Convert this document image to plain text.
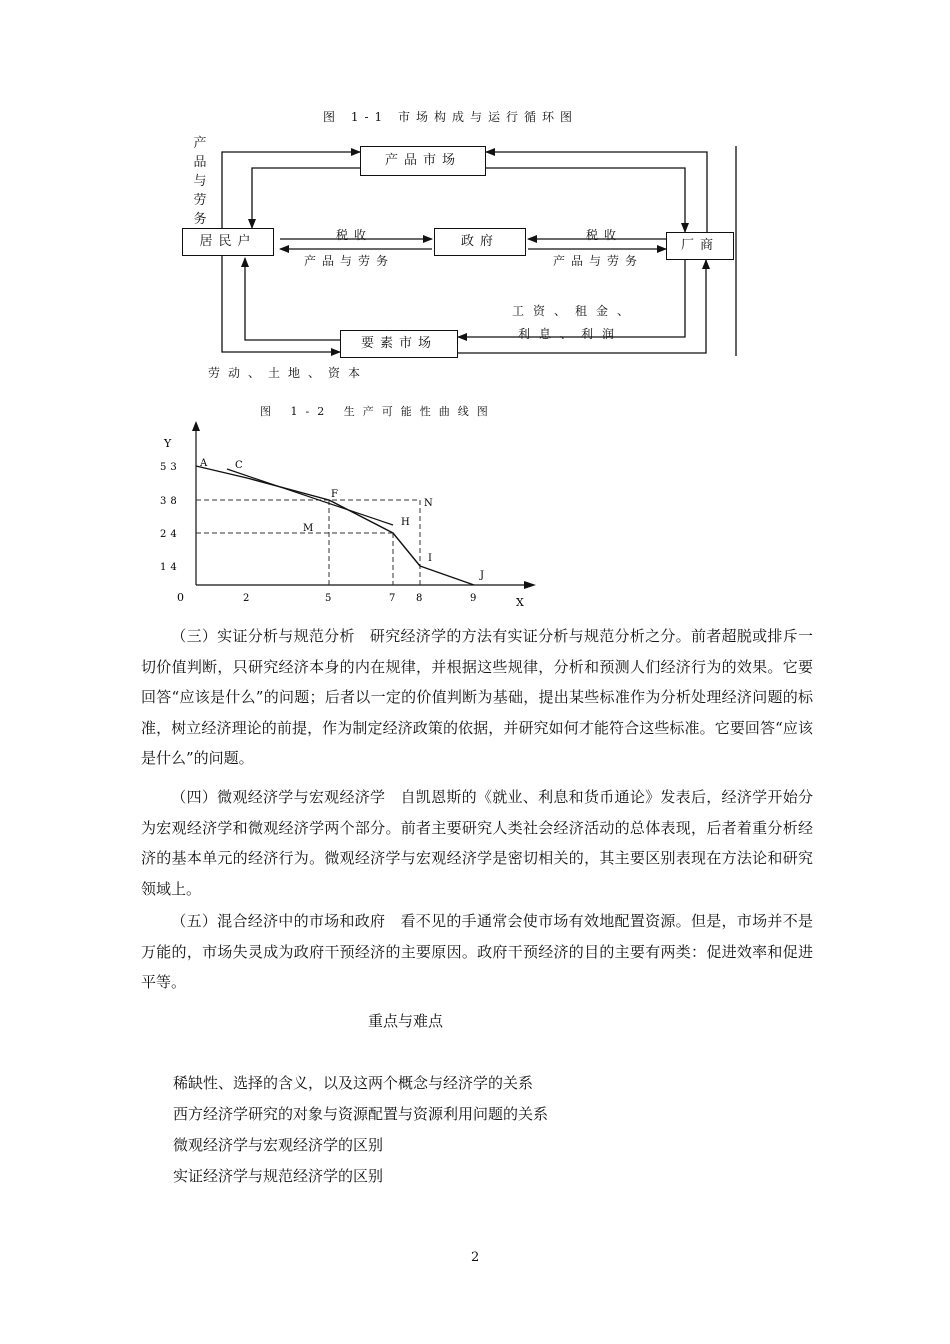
图 1-1 市场构成与运行循环图
产品市场
居民户	政府	厂商
要素市场
产
品
与
劳
务
税收
产品与劳务
税收
产品与劳务
工资、租金、
利息、利润
劳动、土地、资本
图 1-2 生产可能性曲线图
A	C
F
H
I
J
N
M
2	5	7 8	9
53
38
24
14
Y
X
0
（三）实证分析与规范分析 研究经济学的方法有实证分析与规范分析之分。前者超脱或排斥一切价值判断，只研究经济本身的内在规律，并根据这些规律，分析和预测人们经济行为的效果。它要回答“应该是什么”的问题；后者以一定的价值判断为基础，提出某些标准作为分析处理经济问题的标准，树立经济理论的前提，作为制定经济政策的依据，并研究如何才能符合这些标准。它要回答“应该是什么”的问题。
（四）微观经济学与宏观经济学 自凯恩斯的《就业、利息和货币通论》发表后，经济学开始分为宏观经济学和微观经济学两个部分。前者主要研究人类社会经济活动的总体表现，后者着重分析经济的基本单元的经济行为。微观经济学与宏观经济学是密切相关的，其主要区别表现在方法论和研究领域上。
（五）混合经济中的市场和政府 看不见的手通常会使市场有效地配置资源。但是，市场并不是万能的，市场失灵成为政府干预经济的主要原因。政府干预经济的目的主要有两类：促进效率和促进平等。
重点与难点
稀缺性、选择的含义，以及这两个概念与经济学的关系
西方经济学研究的对象与资源配置与资源利用问题的关系
微观经济学与宏观经济学的区别
实证经济学与规范经济学的区别
2
